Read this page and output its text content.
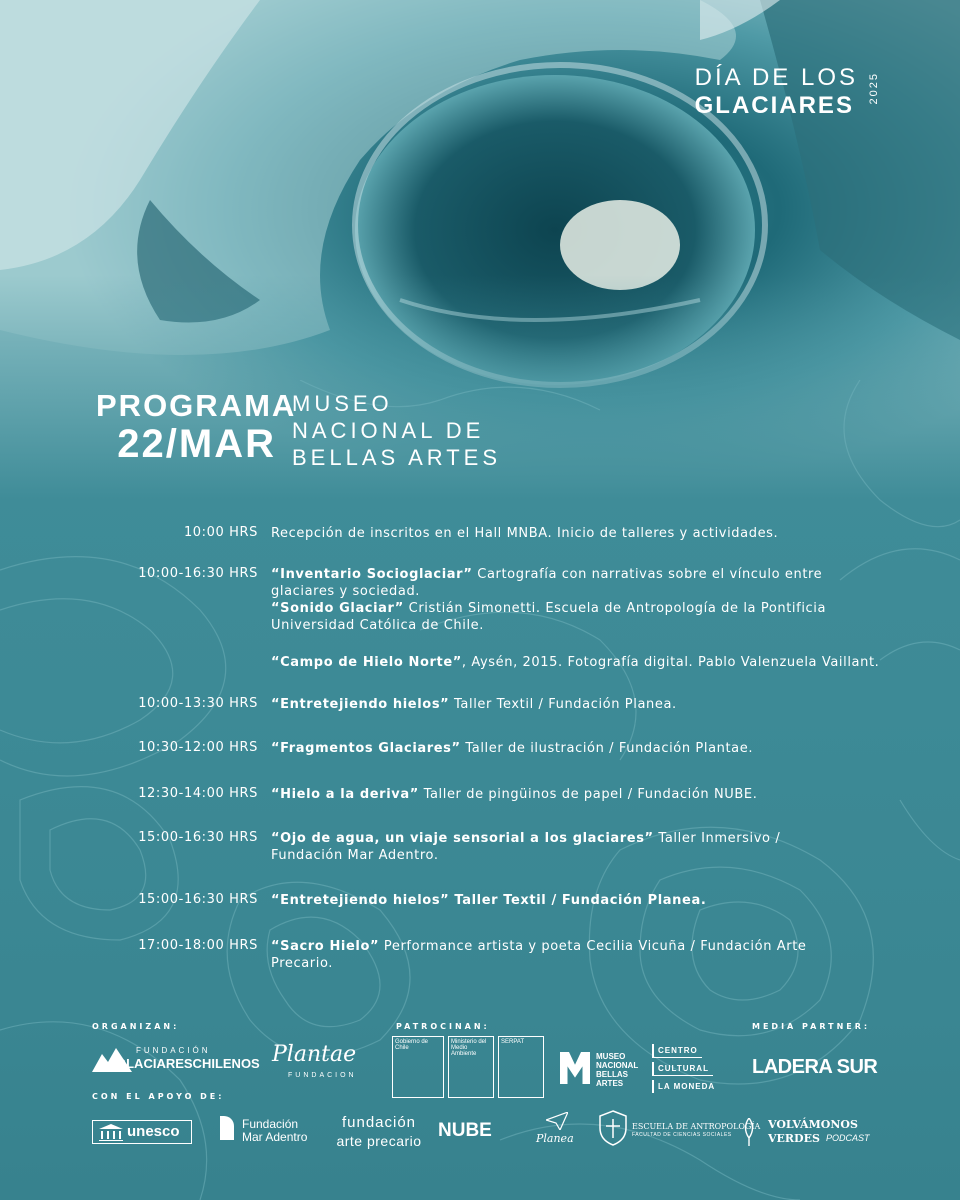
DÍA DE LOS
GLACIARES
2025
PROGRAMA
22/MAR
MUSEO
NACIONAL DE
BELLAS ARTES
10:00 HRS Recepción de inscritos en el Hall MNBA. Inicio de talleres y actividades.
10:00-16:30 HRS “Inventario Socioglaciar” Cartografía con narrativas sobre el vínculo entre glaciares y sociedad.
“Sonido Glaciar” Cristián Simonetti. Escuela de Antropología de la Pontificia Universidad Católica de Chile.
“Campo de Hielo Norte”, Aysén, 2015. Fotografía digital. Pablo Valenzuela Vaillant.
10:00-13:30 HRS “Entretejiendo hielos” Taller Textil / Fundación Planea.
10:30-12:00 HRS “Fragmentos Glaciares” Taller de ilustración / Fundación Plantae.
12:30-14:00 HRS “Hielo a la deriva” Taller de pingüinos de papel / Fundación NUBE.
15:00-16:30 HRS “Ojo de agua, un viaje sensorial a los glaciares” Taller Inmersivo / Fundación Mar Adentro.
15:00-16:30 HRS “Entretejiendo hielos” Taller Textil / Fundación Planea.
17:00-18:00 HRS “Sacro Hielo” Performance artista y poeta Cecilia Vicuña / Fundación Arte Precario.
ORGANIZAN:	PATROCINAN:	MEDIA PARTNER:
CON EL APOYO DE:
FUNDACIÓN
GLACIARESCHILENOS Plantae
FUNDACION
Gobierno de Chile
Ministerio del Medio Ambiente
SERPAT
MUSEO
NACIONAL
BELLAS
ARTES
CENTRO
CULTURAL
LA MONEDA
LADERA SUR
unesco	Fundación
Mar Adentro
fundación
arte precario NUBE	Planea
ESCUELA DE ANTROPOLOGÍA
FACULTAD DE CIENCIAS SOCIALES
VOLVÁMONOS
VERDES PODCAST
